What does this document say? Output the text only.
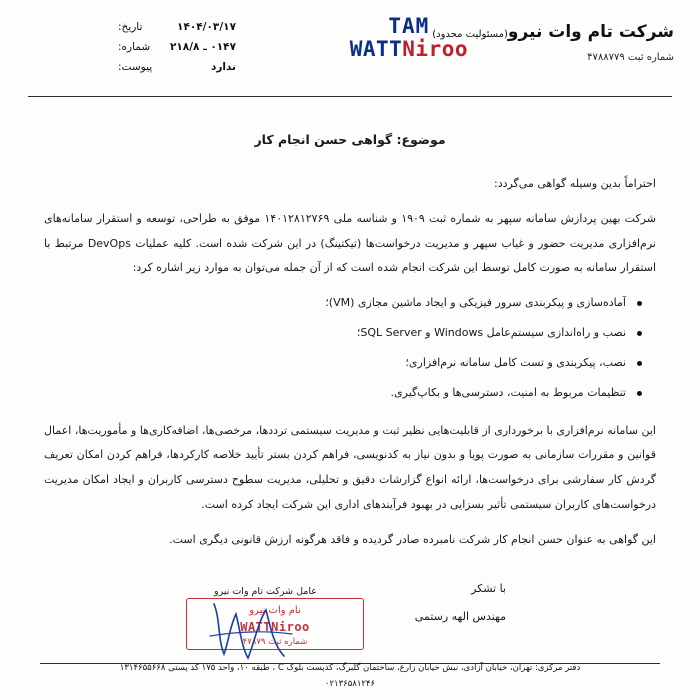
شرکت تام وات نیرو(مسئولیت محدود)
شماره ثبت ۴۷۸۸۷۷۹
TAM
WATTNiroo
۱۴۰۴/۰۳/۱۷
تاریخ:
۰۱۴۷ ـ ۲۱۸/۸
شماره:
ندارد
پیوست:
موضوع: گواهی حسن انجام کار
احتراماً بدین وسیله گواهی می‌گردد:

شرکت بهین پردازش سامانه سپهر به شماره ثبت ۱۹۰۹ و شناسه ملی ۱۴۰۱۲۸۱۲۷۶۹ موفق به طراحی، توسعه و استقرار سامانه‌های نرم‌افزاری مدیریت حضور و غیاب سپهر و مدیریت درخواست‌ها (تیکتینگ) در این شرکت شده است. کلیه عملیات DevOps مرتبط با استقرار سامانه به صورت کامل توسط این شرکت انجام شده است که از آن جمله می‌توان به موارد زیر اشاره کرد:

آماده‌سازی و پیکربندی سرور فیزیکی و ایجاد ماشین مجازی (VM)؛
نصب و راه‌اندازی سیستم‌عامل Windows و SQL Server؛
نصب، پیکربندی و تست کامل سامانه نرم‌افزاری؛
تنظیمات مربوط به امنیت، دسترسی‌ها و بکاپ‌گیری.

این سامانه نرم‌افزاری با برخورداری از قابلیت‌هایی نظیر ثبت و مدیریت سیستمی ترددها، مرخصی‌ها، اضافه‌کاری‌ها و مأموریت‌ها، اعمال قوانین و مقررات سازمانی به صورت پویا و بدون نیاز به کدنویسی، فراهم کردن بستر تأیید خلاصه کارکردها، فراهم کردن امکان تعریف گردش کار سفارشی برای درخواست‌ها، ارائه انواع گزارشات دقیق و تحلیلی، مدیریت سطوح دسترسی کاربران و ایجاد امکان مدیریت درخواست‌های کاربران سیستمی تأثیر بسزایی در بهبود فرآیندهای اداری این شرکت ایجاد کرده است.

این گواهی به عنوان حسن انجام کار شرکت نامبرده صادر گردیده و فاقد هرگونه ارزش قانونی دیگری است.

با تشکر
مهندس الهه رستمی
عامل شرکت تام وات نیرو
نام وات نیرو
WATTNiroo
شماره ثبت ۴۷۸۷۹
دفتر مرکزی: تهران، خیابان آزادی، نبش خیابان زارع، ساختمان گلبرگ، کدپست بلوک C ، طبقه ۱۰، واحد ۱۷۵ کد پستی ۱۳۱۴۶۵۵۶۶۸
۰۲۱۳۶۵۸۱۲۴۶
